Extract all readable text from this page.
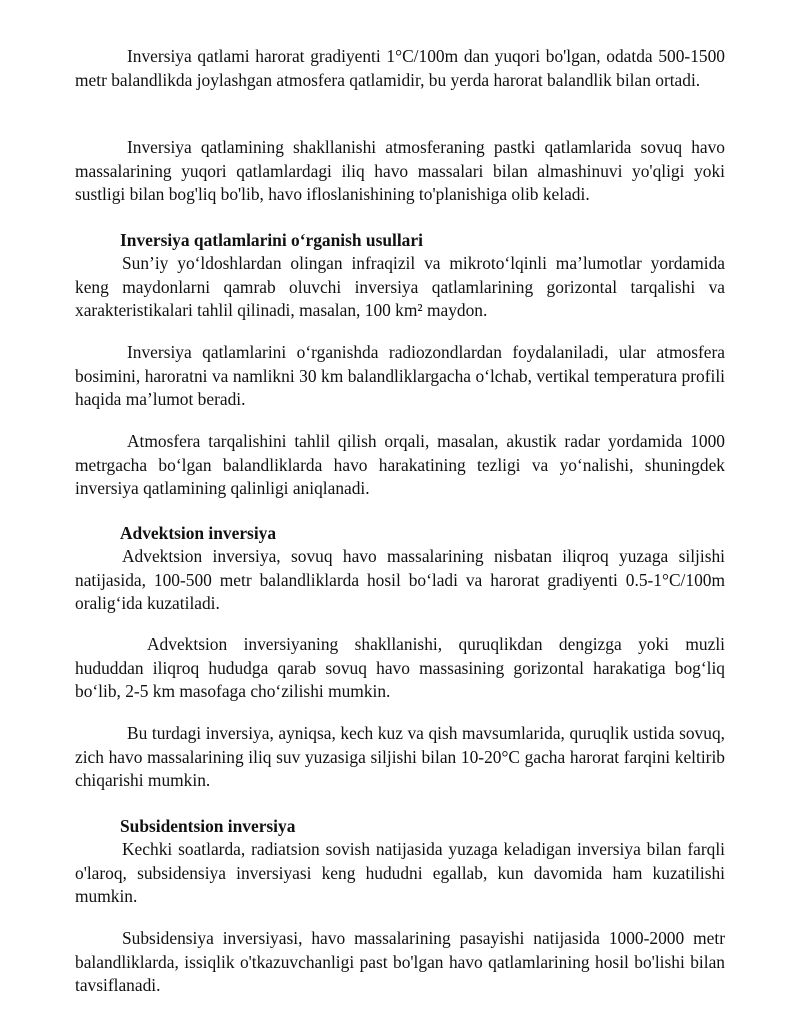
Inversiya qatlami harorat gradiyenti 1°C/100m dan yuqori bo'lgan, odatda 500-1500 metr balandlikda joylashgan atmosfera qatlamidir, bu yerda harorat balandlik bilan ortadi.

Inversiya qatlamining shakllanishi atmosferaning pastki qatlamlarida sovuq havo massalarining yuqori qatlamlardagi iliq havo massalari bilan almashinuvi yo'qligi yoki sustligi bilan bog'liq bo'lib, havo ifloslanishining to'planishiga olib keladi.

Inversiya qatlamlarini o‘rganish usullari

Sun’iy yo‘ldoshlardan olingan infraqizil va mikroto‘lqinli ma’lumotlar yordamida keng maydonlarni qamrab oluvchi inversiya qatlamlarining gorizontal tarqalishi va xarakteristikalari tahlil qilinadi, masalan, 100 km² maydon.

Inversiya qatlamlarini o‘rganishda radiozondlardan foydalaniladi, ular atmosfera bosimini, haroratni va namlikni 30 km balandliklargacha o‘lchab, vertikal temperatura profili haqida ma’lumot beradi.

Atmosfera tarqalishini tahlil qilish orqali, masalan, akustik radar yordamida 1000 metrgacha bo‘lgan balandliklarda havo harakatining tezligi va yo‘nalishi, shuningdek inversiya qatlamining qalinligi aniqlanadi.

Advektsion inversiya

Advektsion inversiya, sovuq havo massalarining nisbatan iliqroq yuzaga siljishi natijasida, 100-500 metr balandliklarda hosil bo‘ladi va harorat gradiyenti 0.5-1°C/100m oralig‘ida kuzatiladi.

Advektsion inversiyaning shakllanishi, quruqlikdan dengizga yoki muzli hududdan iliqroq hududga qarab sovuq havo massasining gorizontal harakatiga bog‘liq bo‘lib, 2-5 km masofaga cho‘zilishi mumkin.

Bu turdagi inversiya, ayniqsa, kech kuz va qish mavsumlarida, quruqlik ustida sovuq, zich havo massalarining iliq suv yuzasiga siljishi bilan 10-20°C gacha harorat farqini keltirib chiqarishi mumkin.

Subsidentsion inversiya

Kechki soatlarda, radiatsion sovish natijasida yuzaga keladigan inversiya bilan farqli o'laroq, subsidensiya inversiyasi keng hududni egallab, kun davomida ham kuzatilishi mumkin.

Subsidensiya inversiyasi, havo massalarining pasayishi natijasida 1000-2000 metr balandliklarda, issiqlik o'tkazuvchanligi past bo'lgan havo qatlamlarining hosil bo'lishi bilan tavsiflanadi.
